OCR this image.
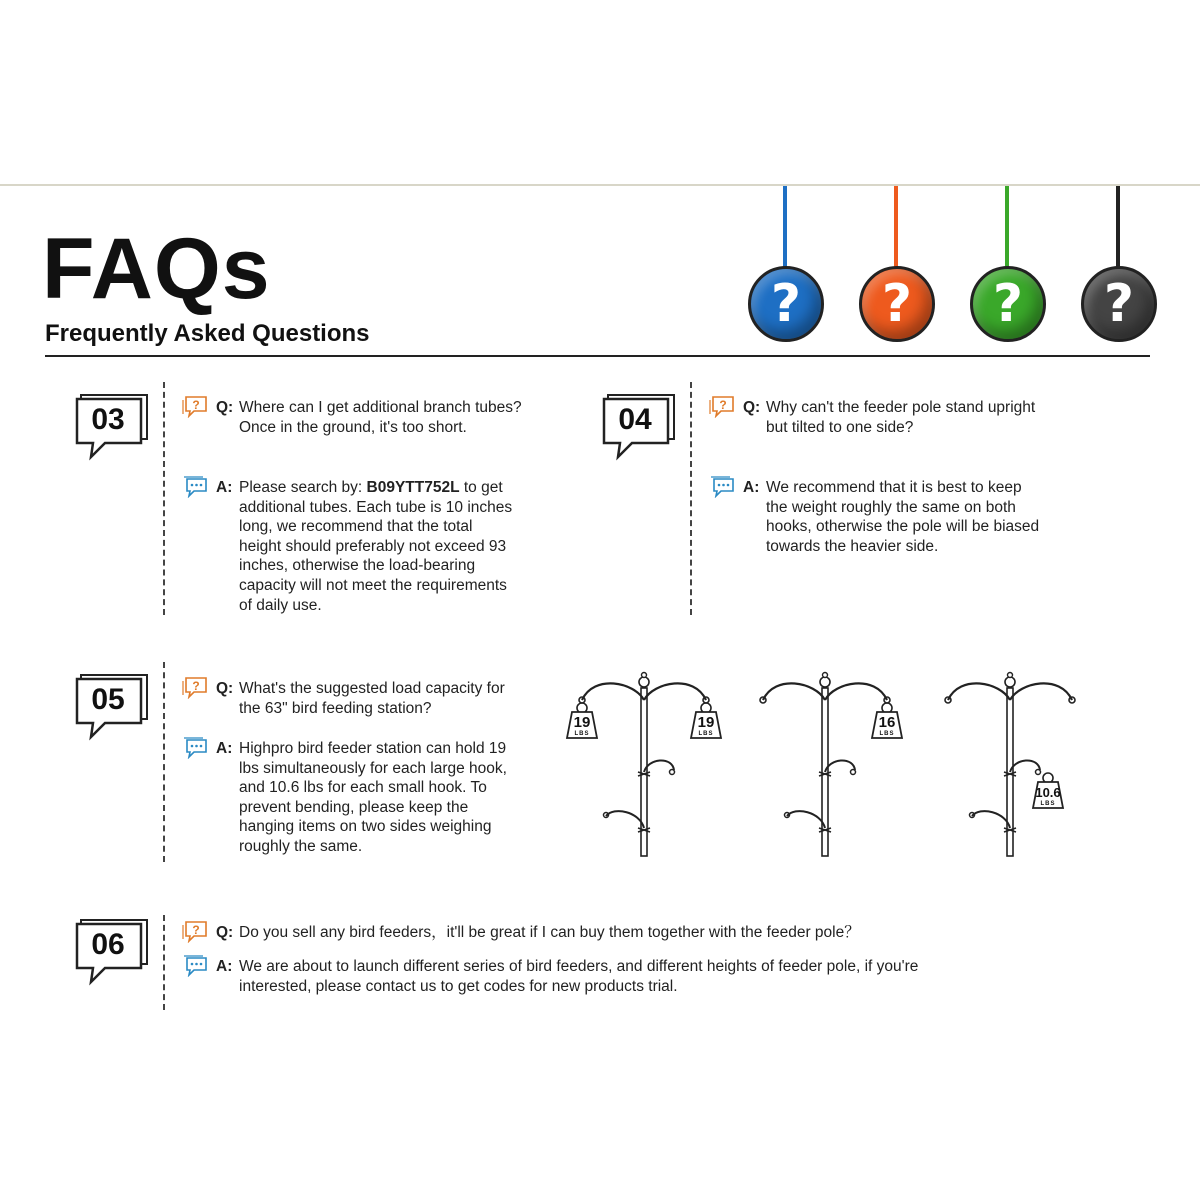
FAQs
Frequently Asked Questions	?	?	?	?
03	? Q: Where can I get additional branch tubes?
Once in the ground, it's too short.
A: Please search by: B09YTT752L to get
additional tubes. Each tube is 10 inches
long, we recommend that the total
height should preferably not exceed 93
inches, otherwise the load-bearing
capacity will not meet the requirements
of daily use.
04	? Q: Why can't the feeder pole stand upright
but tilted to one side?
A: We recommend that it is best to keep
the weight roughly the same on both
hooks, otherwise the pole will be biased
towards the heavier side.
05	? Q: What's the suggested load capacity for
the 63" bird feeding station?
A: Highpro bird feeder station can hold 19
lbs simultaneously for each large hook,
and 10.6 lbs for each small hook. To
prevent bending, please keep the
hanging items on two sides weighing
roughly the same.
19
LBS
19
LBS
16
LBS
10.6
LBS
06	? Q: Do you sell any bird feeders，it'll be great if I can buy them together with the feeder pole？
A: We are about to launch different series of bird feeders, and different heights of feeder pole, if you're
interested, please contact us to get codes for new products trial.
